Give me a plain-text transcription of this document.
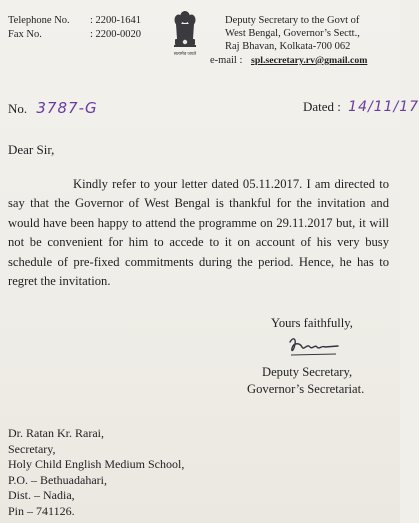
Telephone No. : 2200-1641
Fax No.	: 2200-0020
सत्यमेव जयते
Deputy Secretary to the Govt of
West Bengal, Governor’s Sectt.,
Raj Bhavan, Kolkata-700 062
e-mail : spl.secretary.rv@gmail.com
No. 3787-G	Dated : 14/11/17
Dear Sir,
Kindly refer to your letter dated 05.11.2017. I am directed to say that the Governor of West Bengal is thankful for the invitation and would have been happy to attend the programme on 29.11.2017 but, it will not be convenient for him to accede to it on account of his very busy schedule of pre-fixed commitments during the period. Hence, he has to regret the invitation.
Yours faithfully,
Deputy Secretary,
Governor’s Secretariat.
Dr. Ratan Kr. Rarai,
Secretary,
Holy Child English Medium School,
P.O. – Bethuadahari,
Dist. – Nadia,
Pin – 741126.
